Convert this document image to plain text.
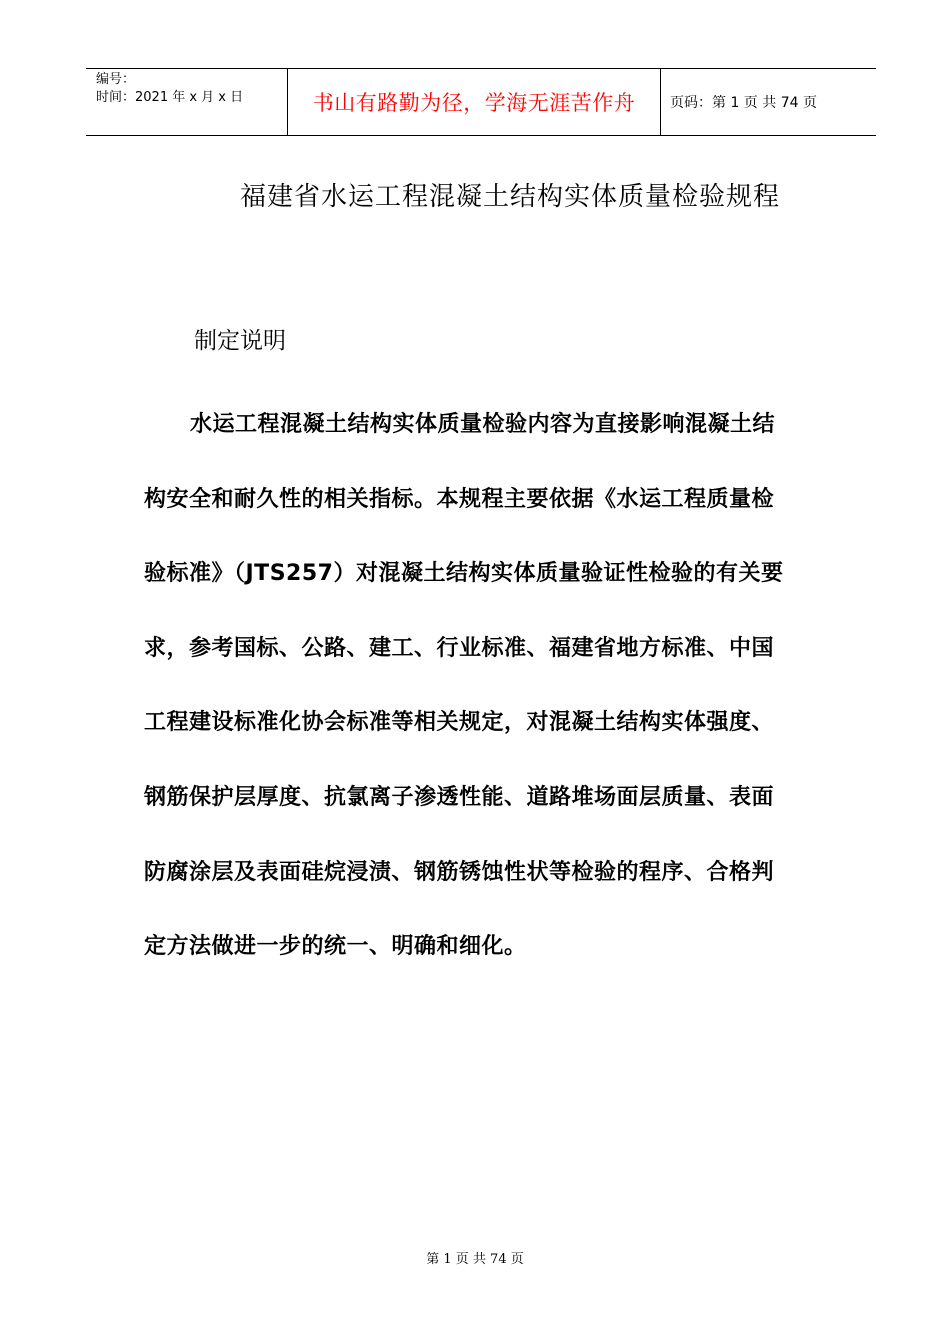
编号：
时间：2021 年 x 月 x 日	书山有路勤为径，学海无涯苦作舟	页码：第 1 页 共 74 页
福建省水运工程混凝土结构实体质量检验规程
制定说明
水运工程混凝土结构实体质量检验内容为直接影响混凝土结
构安全和耐久性的相关指标。本规程主要依据《水运工程质量检
验标准》（JTS257）对混凝土结构实体质量验证性检验的有关要
求，参考国标、公路、建工、行业标准、福建省地方标准、中国
工程建设标准化协会标准等相关规定，对混凝土结构实体强度、
钢筋保护层厚度、抗氯离子渗透性能、道路堆场面层质量、表面
防腐涂层及表面硅烷浸渍、钢筋锈蚀性状等检验的程序、合格判
定方法做进一步的统一、明确和细化。
第 1 页 共 74 页
